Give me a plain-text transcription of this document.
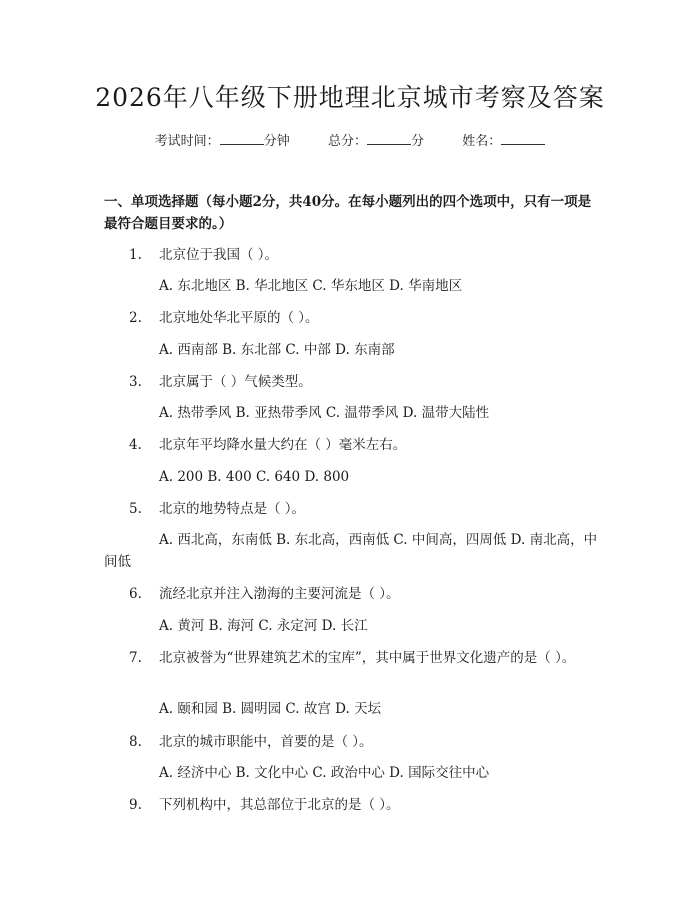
2026年八年级下册地理北京城市考察及答案
考试时间：	分钟	总分：	分	姓名：
一、单项选择题（每小题2分，共40分。在每小题列出的四个选项中，只有一项是最符合题目要求的。）
1. 北京位于我国（ ）。
A. 东北地区 B. 华北地区 C. 华东地区 D. 华南地区
2. 北京地处华北平原的（ ）。
A. 西南部 B. 东北部 C. 中部 D. 东南部
3. 北京属于（ ）气候类型。
A. 热带季风 B. 亚热带季风 C. 温带季风 D. 温带大陆性
4. 北京年平均降水量大约在（ ）毫米左右。
A. 200 B. 400 C. 640 D. 800
5. 北京的地势特点是（ ）。
A. 西北高，东南低 B. 东北高，西南低 C. 中间高，四周低 D. 南北高，中间低
6. 流经北京并注入渤海的主要河流是（ ）。
A. 黄河 B. 海河 C. 永定河 D. 长江
7.	北京被誉为“世界建筑艺术的宝库”，其中属于世界文化遗产的是（ ）。
A. 颐和园 B. 圆明园 C. 故宫 D. 天坛
8. 北京的城市职能中，首要的是（ ）。
A. 经济中心 B. 文化中心 C. 政治中心 D. 国际交往中心
9. 下列机构中，其总部位于北京的是（ ）。
